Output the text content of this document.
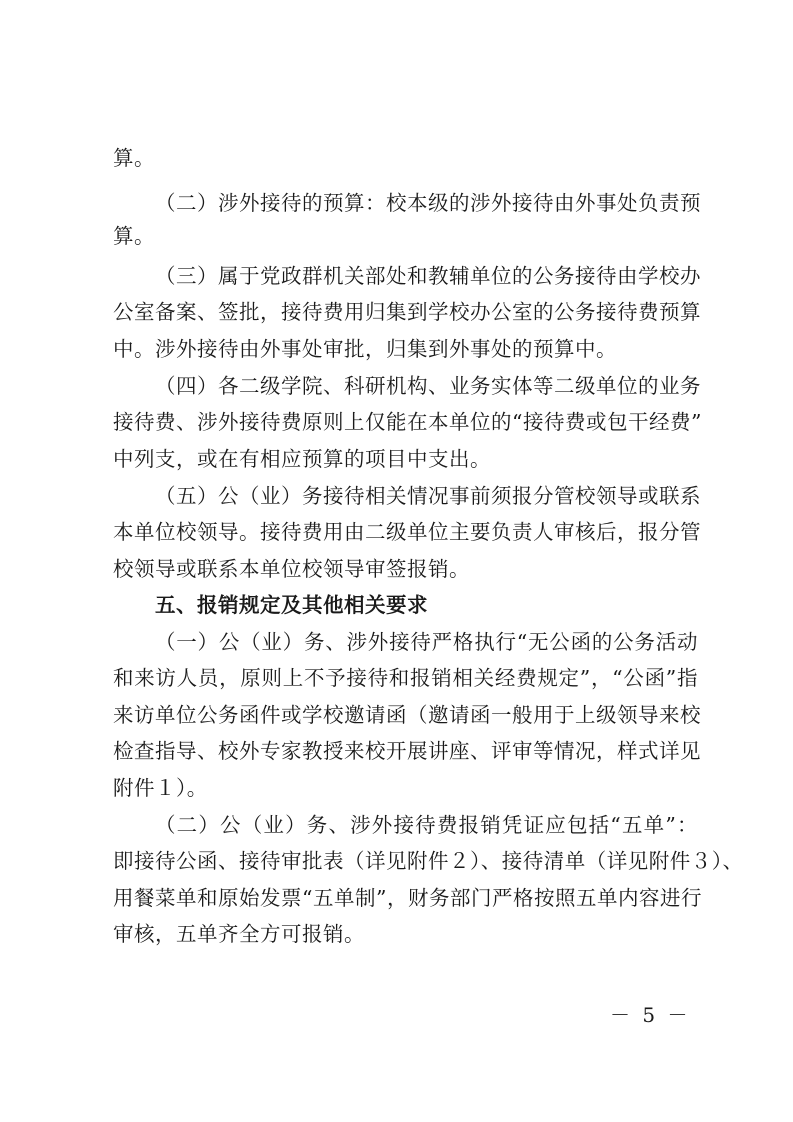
算。
（二）涉外接待的预算：校本级的涉外接待由外事处负责预
算。
（三）属于党政群机关部处和教辅单位的公务接待由学校办
公室备案、签批，接待费用归集到学校办公室的公务接待费预算
中。涉外接待由外事处审批，归集到外事处的预算中。
（四）各二级学院、科研机构、业务实体等二级单位的业务
接待费、涉外接待费原则上仅能在本单位的“接待费或包干经费”
中列支，或在有相应预算的项目中支出。
（五）公（业）务接待相关情况事前须报分管校领导或联系
本单位校领导。接待费用由二级单位主要负责人审核后，报分管
校领导或联系本单位校领导审签报销。
五、报销规定及其他相关要求
（一）公（业）务、涉外接待严格执行“无公函的公务活动
和来访人员，原则上不予接待和报销相关经费规定”，“公函”指
来访单位公务函件或学校邀请函（邀请函一般用于上级领导来校
检查指导、校外专家教授来校开展讲座、评审等情况，样式详见
附件１）。
（二）公（业）务、涉外接待费报销凭证应包括“五单”：
即接待公函、接待审批表（详见附件２）、接待清单（详见附件３）、
用餐菜单和原始发票“五单制”，财务部门严格按照五单内容进行
审核，五单齐全方可报销。
－ 5 －
